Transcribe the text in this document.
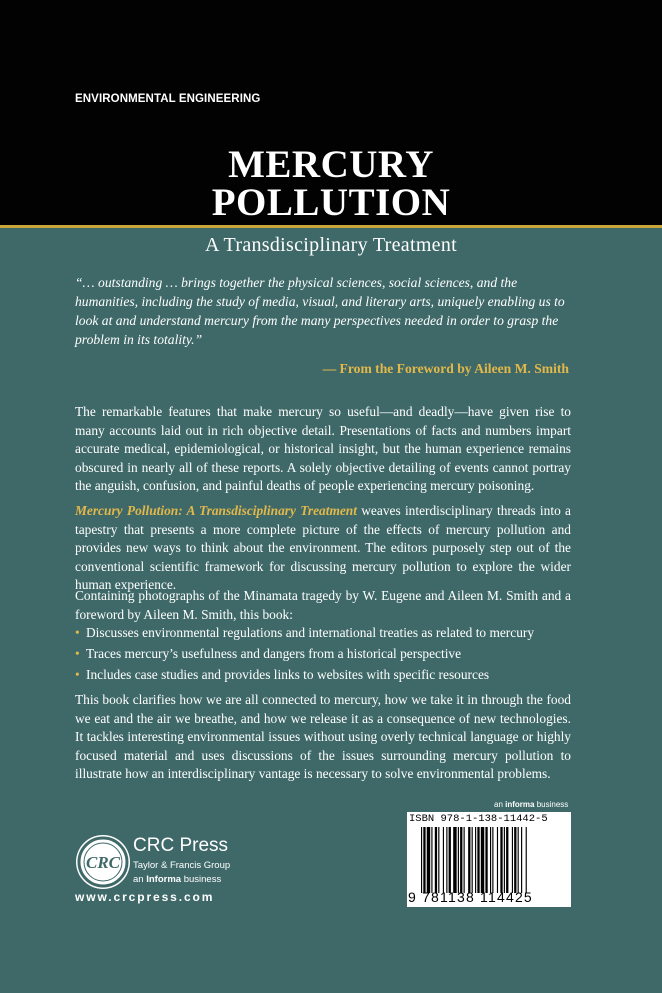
ENVIRONMENTAL ENGINEERING
MERCURY
POLLUTION
A Transdisciplinary Treatment

“… outstanding … brings together the physical sciences, social sciences, and the humanities, including the study of media, visual, and literary arts, uniquely enabling us to look at and understand mercury from the many perspectives needed in order to grasp the problem in its totality.”

— From the Foreword by Aileen M. Smith

The remarkable features that make mercury so useful—and deadly—have given rise to many accounts laid out in rich objective detail. Presentations of facts and numbers impart accurate medical, epidemiological, or historical insight, but the human experience remains obscured in nearly all of these reports. A solely objective detailing of events cannot portray the anguish, confusion, and painful deaths of people experiencing mercury poisoning.

Mercury Pollution: A Transdisciplinary Treatment weaves interdisciplinary threads into a tapestry that presents a more complete picture of the effects of mercury pollution and provides new ways to think about the environment. The editors purposely step out of the conventional scientific framework for discussing mercury pollution to explore the wider human experience.

Containing photographs of the Minamata tragedy by W. Eugene and Aileen M. Smith and a foreword by Aileen M. Smith, this book:

• Discusses environmental regulations and international treaties as related to mercury
• Traces mercury’s usefulness and dangers from a historical perspective
• Includes case studies and provides links to websites with specific resources

This book clarifies how we are all connected to mercury, how we take it in through the food we eat and the air we breathe, and how we release it as a consequence of new technologies. It tackles interesting environmental issues without using overly technical language or highly focused material and uses discussions of the issues surrounding mercury pollution to illustrate how an interdisciplinary vantage is necessary to solve environmental problems.

an informa business
ISBN 978-1-138-11442-5
9 781138 114425
CRC
CRC Press
Taylor & Francis Group
an Informa business
www.crcpress.com
